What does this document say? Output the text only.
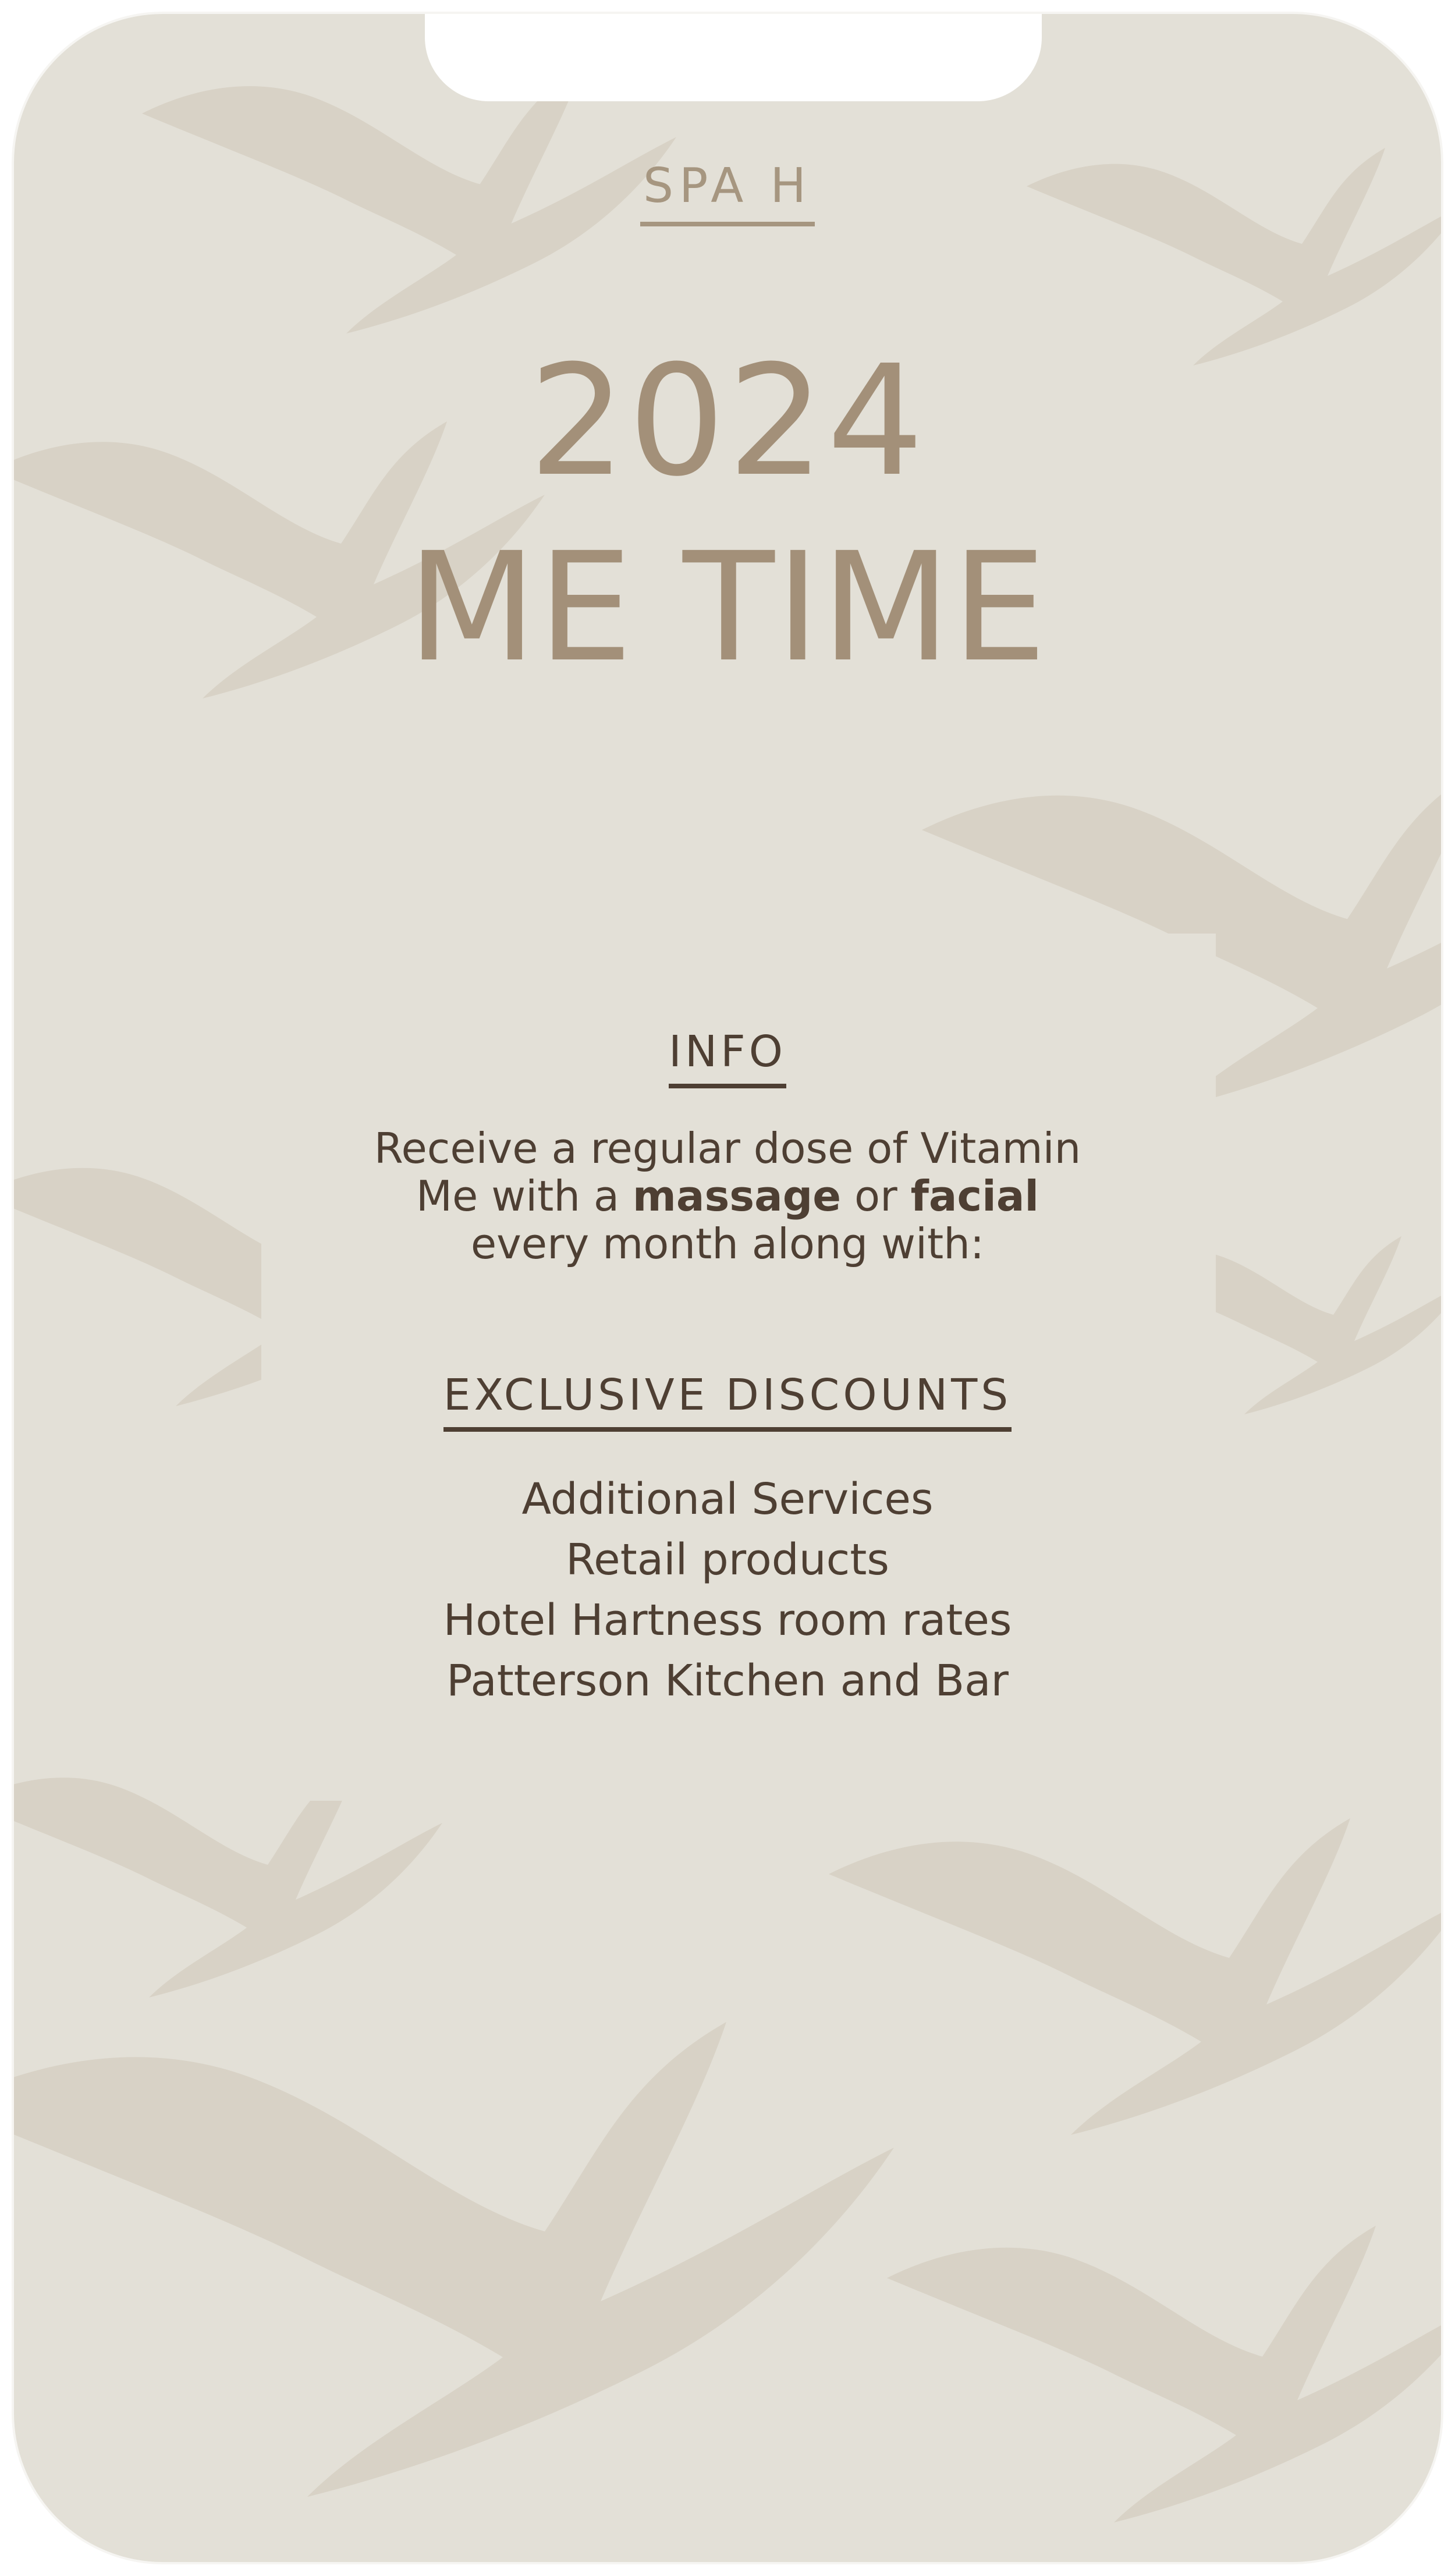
SPA H
2024
ME TIME
INFO
Receive a regular dose of Vitamin Me with a massage or facial every month along with:
EXCLUSIVE DISCOUNTS
Additional Services
Retail products
Hotel Hartness room rates
Patterson Kitchen and Bar
